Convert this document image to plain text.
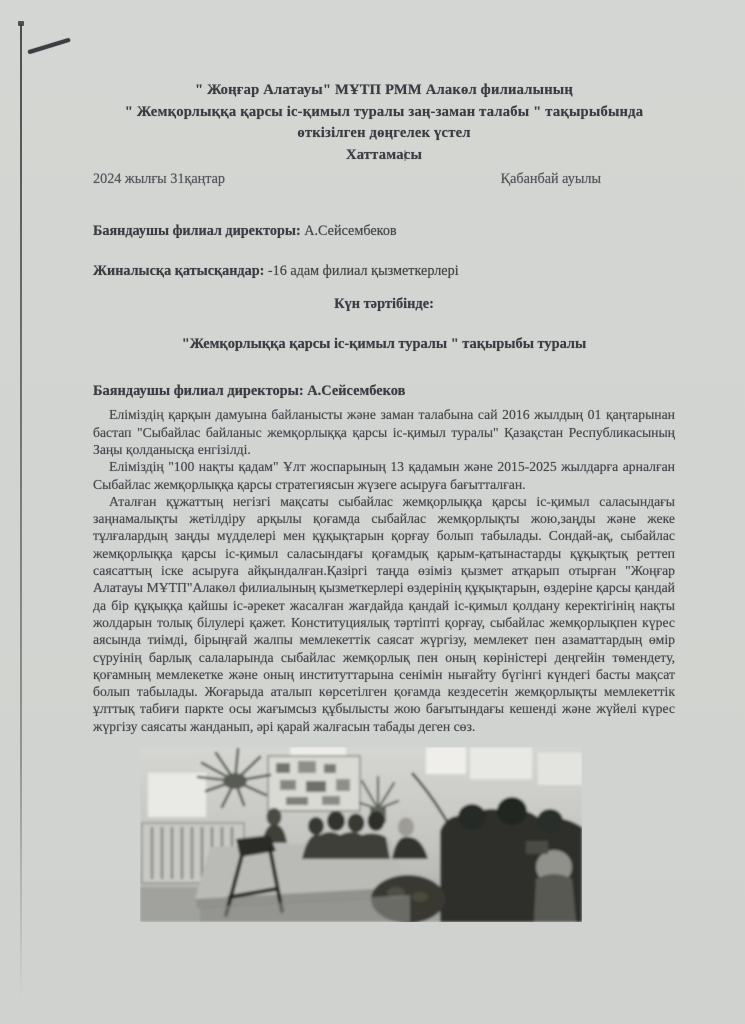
" Жоңғар Алатауы" МҰТП РММ Алакөл филиалының
" Жемқорлыққа қарсы іс-қимыл туралы заң-заман талабы " тақырыбында
өткізілген дөңгелек үстел
Хаттамасы
2024 жылғы 31қаңтар	Қабанбай ауылы

Баяндаушы филиал директоры: А.Сейсембеков

Жиналысқа қатысқандар: -16 адам филиал қызметкерлері

Күн тәртібінде:
"Жемқорлыққа қарсы іс-қимыл туралы " тақырыбы туралы

Баяндаушы филиал директоры: А.Сейсембеков

Еліміздің қарқын дамуына байланысты және заман талабына сай 2016 жылдың 01 қаңтарынан бастап "Сыбайлас байланыс жемқорлыққа қарсы іс-қимыл туралы" Қазақстан Республикасының Заңы қолданысқа енгізілді.

Еліміздің "100 нақты қадам" Ұлт жоспарының 13 қадамын және 2015-2025 жылдарға арналған Сыбайлас жемқорлыққа қарсы стратегиясын жүзеге асыруға бағытталған.

Аталған құжаттың негізгі мақсаты сыбайлас жемқорлыққа қарсы іс-қимыл саласындағы заңнамалықты жетілдіру арқылы қоғамда сыбайлас жемқорлықты жою,заңды және жеке тұлғалардың заңды мүдделері мен құқықтарын қорғау болып табылады. Сондай-ақ, сыбайлас жемқорлыққа қарсы іс-қимыл саласындағы қоғамдық қарым-қатынастарды құқықтық реттеп саясаттың іске асыруға айқындалған.Қазіргі таңда өзіміз қызмет атқарып отырған "Жоңғар Алатауы МҰТП"Алакөл филиалының қызметкерлері өздерінің құқықтарын, өздеріне қарсы қандай да бір құқыққа қайшы іс-әрекет жасалған жағдайда қандай іс-қимыл қолдану керектігінің нақты жолдарын толық білулері қажет. Конституциялық тәртіпті қорғау, сыбайлас жемқорлықпен күрес аясында тиімді, бірыңғай жалпы мемлекеттік саясат жүргізу, мемлекет пен азаматтардың өмір сүруінің барлық салаларында сыбайлас жемқорлық пен оның көріністері деңгейін төмендету, қоғамның мемлекетке және оның институттарына сенімін нығайту бүгінгі күндегі басты мақсат болып табылады. Жоғарыда аталып көрсетілген қоғамда кездесетін жемқорлықты мемлекеттік ұлттық табиғи паркте осы жағымсыз құбылысты жою бағытындағы кешенді және жүйелі күрес жүргізу саясаты жанданып, әрі қарай жалғасын табады деген сөз.
